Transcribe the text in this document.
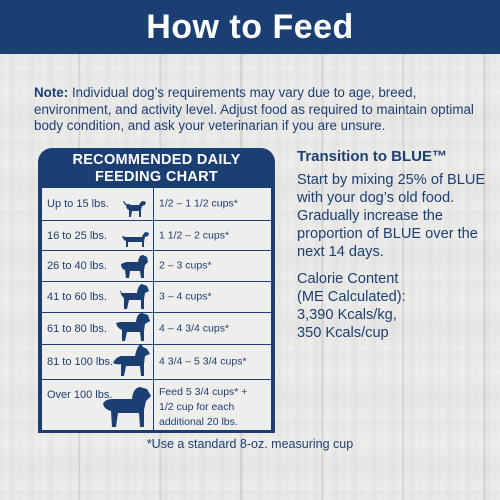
How to Feed
Note: Individual dog’s requirements may vary due to age, breed, environment, and activity level. Adjust food as required to maintain optimal body condition, and ask your veterinarian if you are unsure.
RECOMMENDED DAILY
FEEDING CHART
Up to 15 lbs.	1/2 – 1 1/2 cups*
16 to 25 lbs.	1 1/2 – 2 cups*
26 to 40 lbs.	2 – 3 cups*
41 to 60 lbs.	3 – 4 cups*
61 to 80 lbs.	4 – 4 3/4 cups*
81 to 100 lbs.	4 3/4 – 5 3/4 cups*
Over 100 lbs.	Feed 5 3/4 cups* +
1/2 cup for each
additional 20 lbs.
*Use a standard 8-oz. measuring cup
Transition to BLUE™
Start by mixing 25% of BLUE with your dog’s old food. Gradually increase the proportion of BLUE over the next 14 days.
Calorie Content
(ME Calculated):
3,390 Kcals/kg,
350 Kcals/cup
